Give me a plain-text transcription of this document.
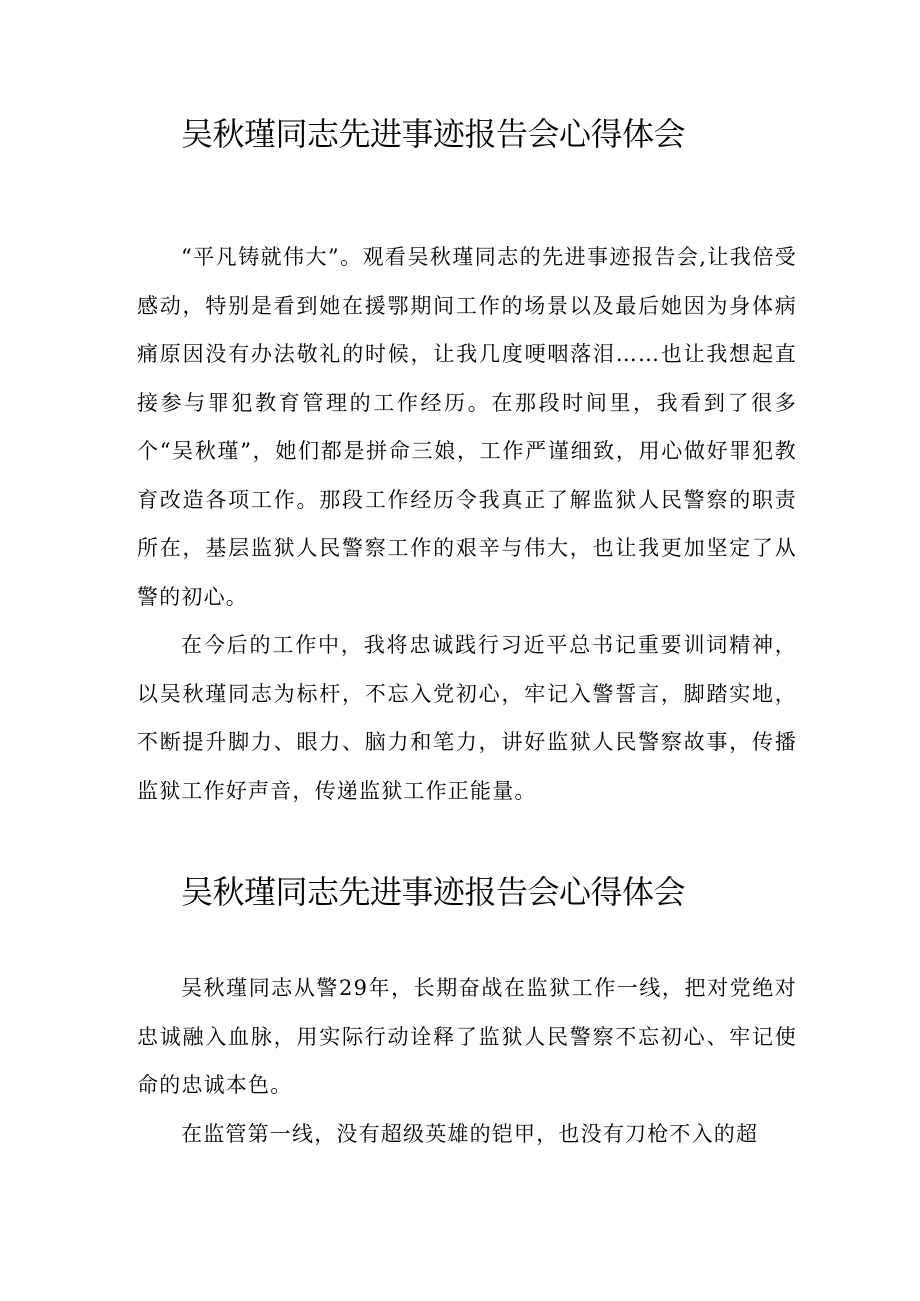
吴秋瑾同志先进事迹报告会心得体会

“平凡铸就伟大”。观看吴秋瑾同志的先进事迹报告会,让我倍受感动，特别是看到她在援鄂期间工作的场景以及最后她因为身体病痛原因没有办法敬礼的时候，让我几度哽咽落泪……也让我想起直接参与罪犯教育管理的工作经历。在那段时间里，我看到了很多个“吴秋瑾”，她们都是拼命三娘，工作严谨细致，用心做好罪犯教育改造各项工作。那段工作经历令我真正了解监狱人民警察的职责所在，基层监狱人民警察工作的艰辛与伟大，也让我更加坚定了从警的初心。

在今后的工作中，我将忠诚践行习近平总书记重要训词精神，以吴秋瑾同志为标杆，不忘入党初心，牢记入警誓言，脚踏实地，不断提升脚力、眼力、脑力和笔力，讲好监狱人民警察故事，传播监狱工作好声音，传递监狱工作正能量。

吴秋瑾同志先进事迹报告会心得体会

吴秋瑾同志从警29年，长期奋战在监狱工作一线，把对党绝对忠诚融入血脉，用实际行动诠释了监狱人民警察不忘初心、牢记使命的忠诚本色。

在监管第一线，没有超级英雄的铠甲，也没有刀枪不入的超
